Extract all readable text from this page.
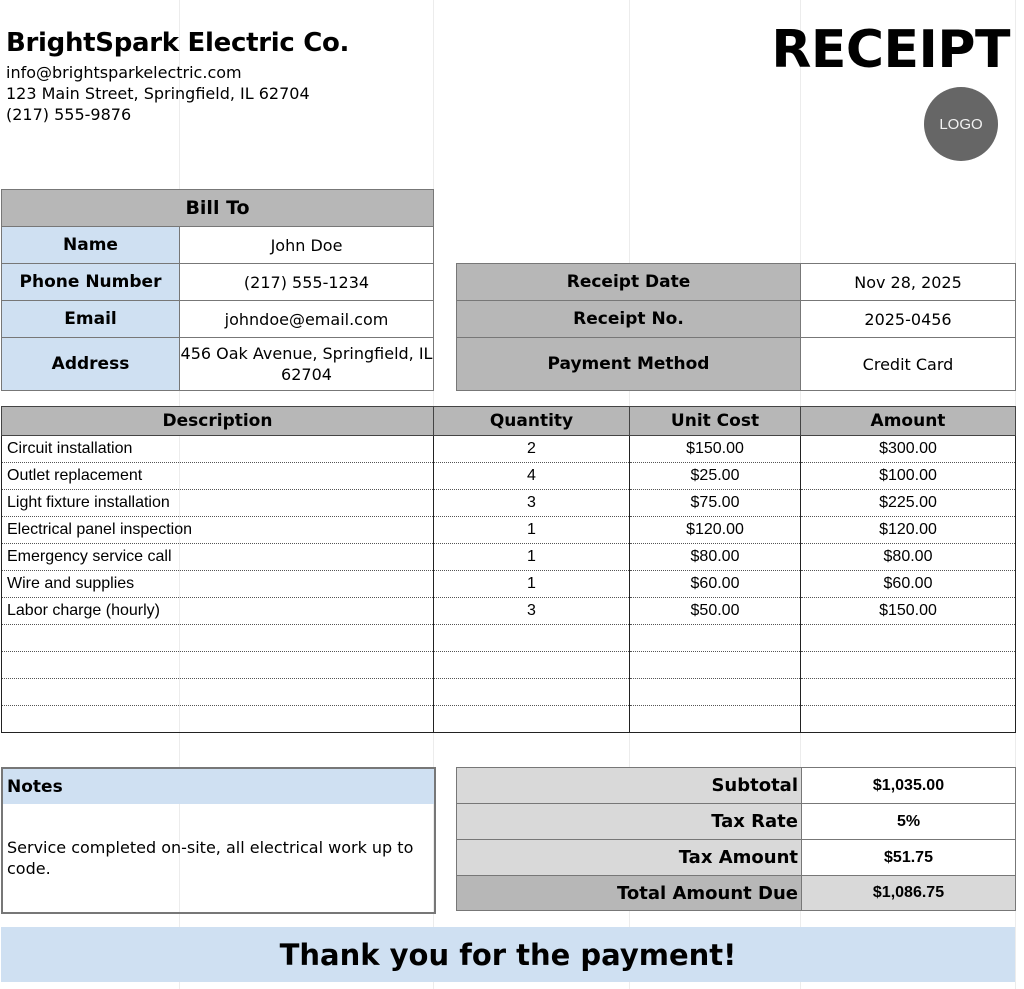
BrightSpark Electric Co.
info@brightsparkelectric.com
123 Main Street, Springfield, IL 62704
(217) 555-9876
RECEIPT
LOGO
Bill To	
Name	John Doe
Phone Number	(217) 555-1234
Email	johndoe@email.com
Address	456 Oak Avenue, Springfield, IL 62704
Receipt Date	Nov 28, 2025
Receipt No.	2025-0456
Payment Method	Credit Card
Description	Quantity	Unit Cost	Amount
Circuit installation	2	$150.00	$300.00
Outlet replacement	4	$25.00	$100.00
Light fixture installation	3	$75.00	$225.00
Electrical panel inspection	1	$120.00	$120.00
Emergency service call	1	$80.00	$80.00
Wire and supplies	1	$60.00	$60.00
Labor charge (hourly)	3	$50.00	$150.00

Notes
Service completed on-site, all electrical work up to code.
Subtotal	$1,035.00
Tax Rate	5%
Tax Amount	$51.75
Total Amount Due	$1,086.75
Thank you for the payment!
